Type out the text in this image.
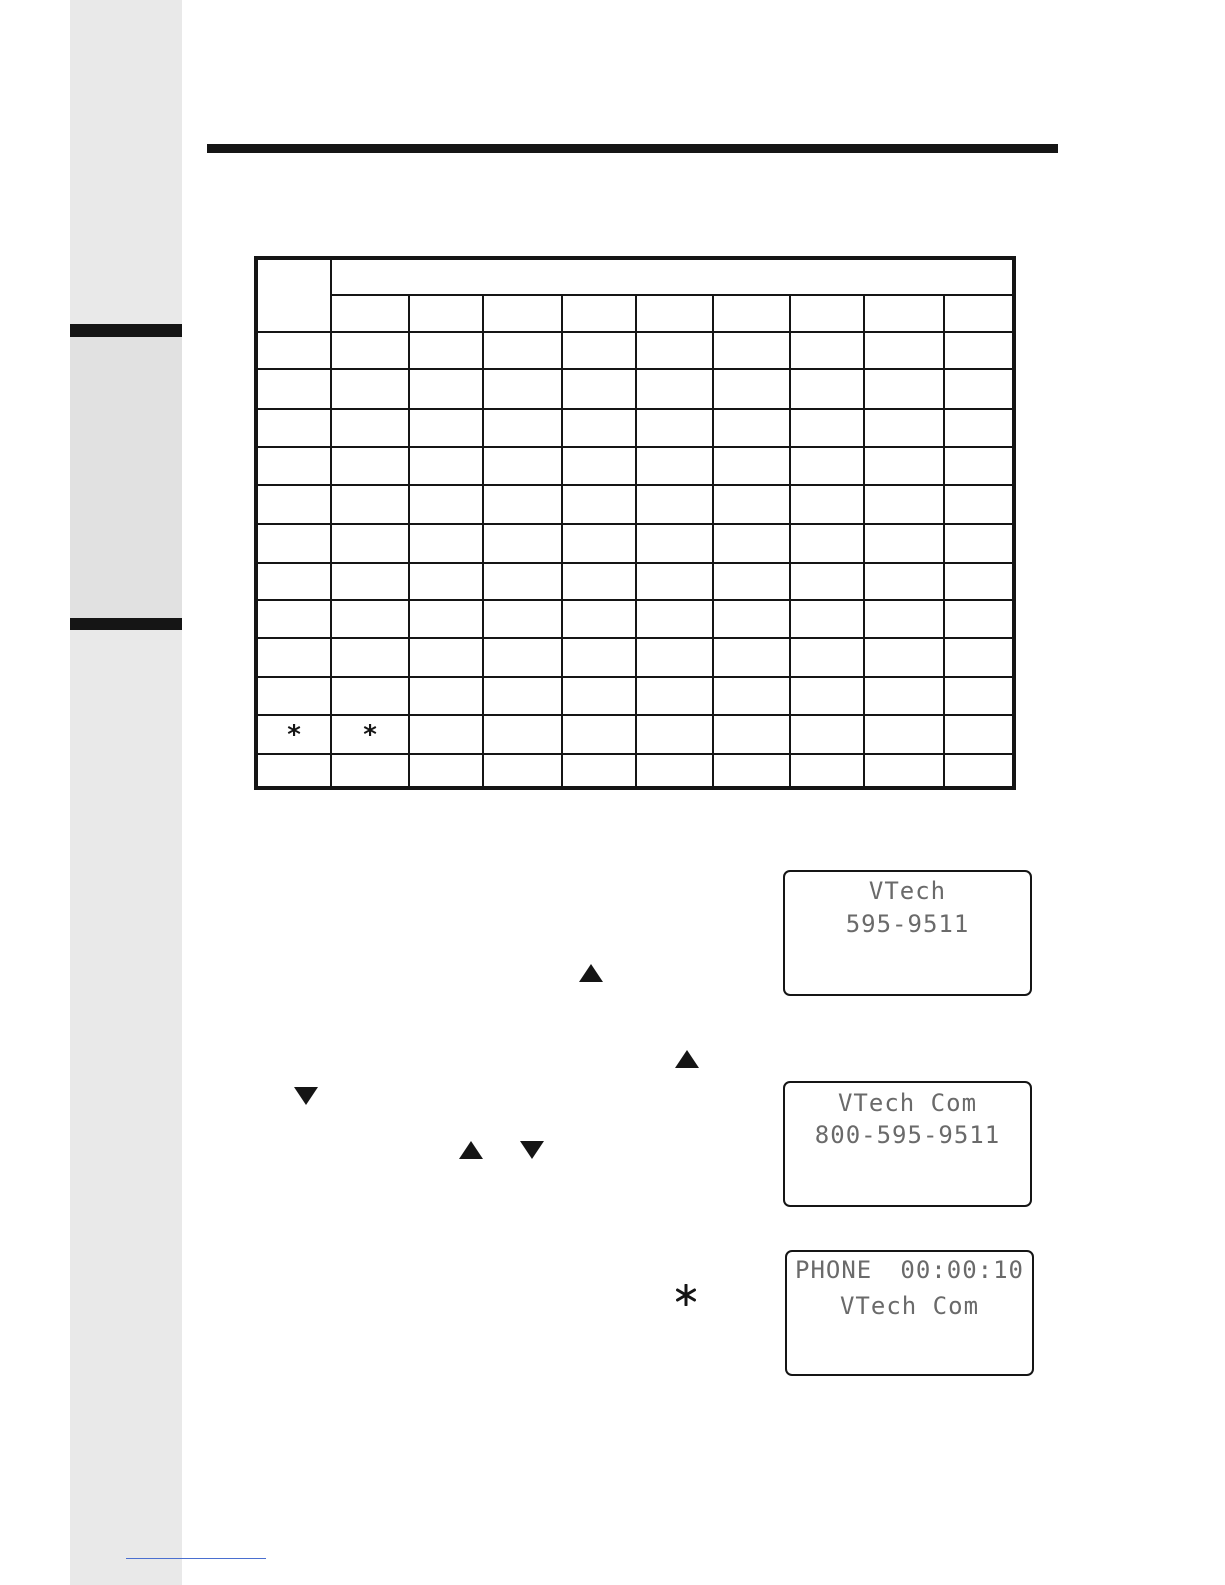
*	*								

VTech
595-9511
VTech Com
800-595-9511
PHONE 00:00:10
VTech Com
